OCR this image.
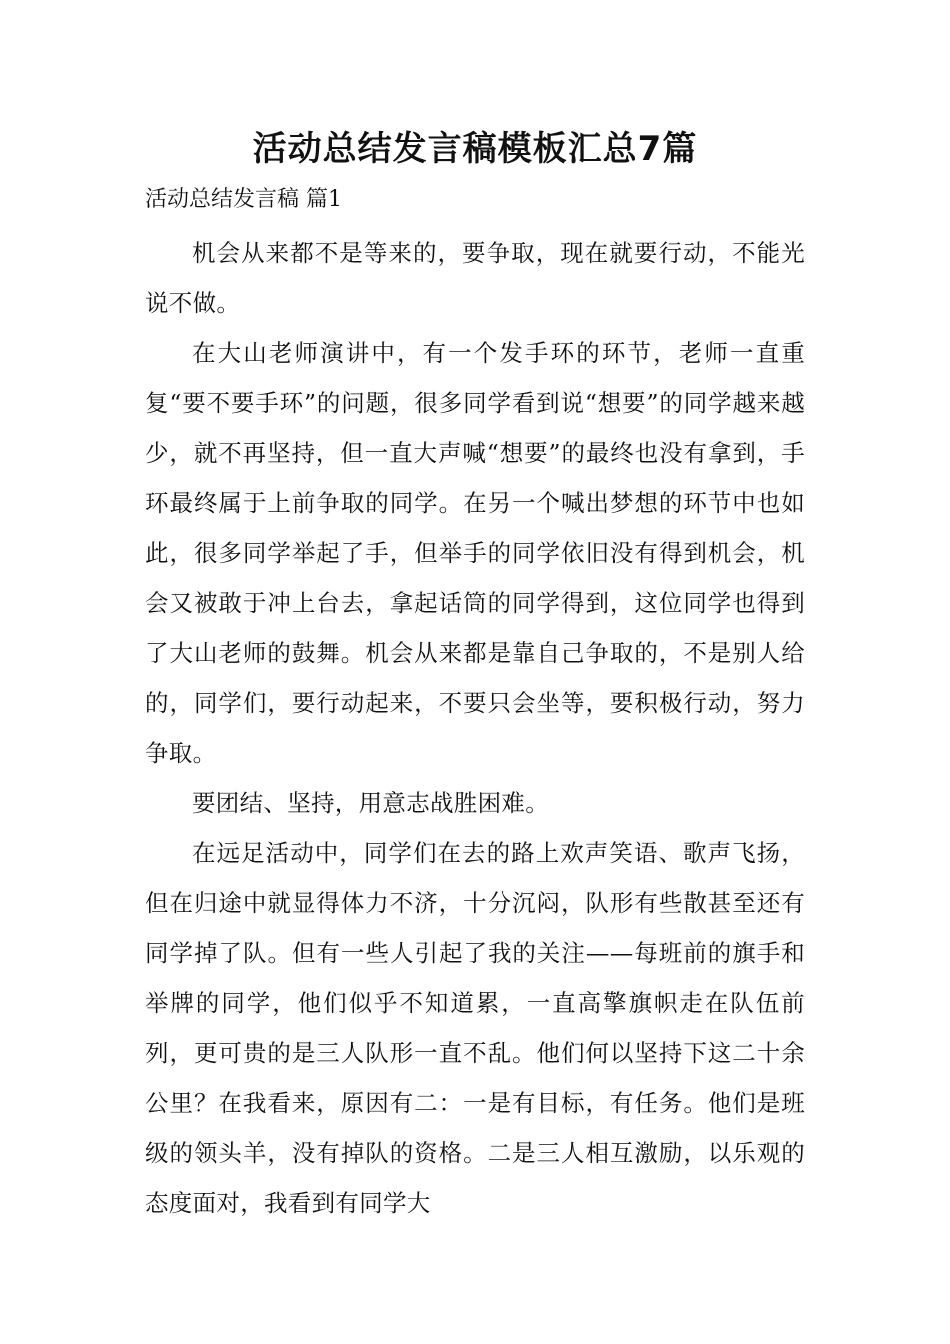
活动总结发言稿模板汇总7篇
活动总结发言稿 篇1

机会从来都不是等来的，要争取，现在就要行动，不能光说不做。

在大山老师演讲中，有一个发手环的环节，老师一直重复“要不要手环”的问题，很多同学看到说“想要”的同学越来越少，就不再坚持，但一直大声喊“想要”的最终也没有拿到，手环最终属于上前争取的同学。在另一个喊出梦想的环节中也如此，很多同学举起了手，但举手的同学依旧没有得到机会，机会又被敢于冲上台去，拿起话筒的同学得到，这位同学也得到了大山老师的鼓舞。机会从来都是靠自己争取的，不是别人给的，同学们，要行动起来，不要只会坐等，要积极行动，努力争取。

要团结、坚持，用意志战胜困难。

在远足活动中，同学们在去的路上欢声笑语、歌声飞扬，但在归途中就显得体力不济，十分沉闷，队形有些散甚至还有同学掉了队。但有一些人引起了我的关注——每班前的旗手和举牌的同学，他们似乎不知道累，一直高擎旗帜走在队伍前列，更可贵的是三人队形一直不乱。他们何以坚持下这二十余公里？在我看来，原因有二：一是有目标，有任务。他们是班级的领头羊，没有掉队的资格。二是三人相互激励，以乐观的态度面对，我看到有同学大
